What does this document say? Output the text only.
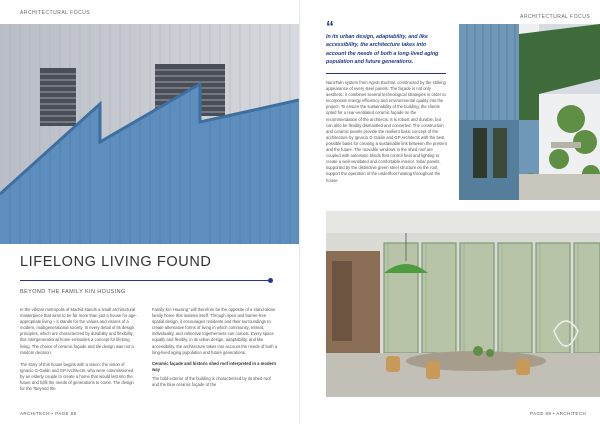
ARCHITECTURAL FOCUS
LIFELONG LIVING FOUND
BEYOND THE FAMILY KIN HOUSING
In the vibrant metropolis of Madrid stands a small architectural masterpiece that aims to be far more than just a house for age-appropriate living – it stands for the values and visions of a modern, multigenerational society. In every detail of its design principles, which are characterized by durability and flexibility, this intergenerational home embodies a concept for lifelong living. The choice of ceramic façade and tile design was not a random decision.
The story of this house begins with a vision: the vision of Ignacio G-Galán and GP Architects, who were commissioned by an elderly couple to create a home that would last into the future and fulfil the needs of generations to come. The design for the “Beyond the
Family Kin Housing” will therefore be the opposite of a stand-alone family home that isolates itself. Through open and barrier-free spatial design, it encourages residents and their surroundings to create alternative forms of living in which community, retreat, individuality, and collective togetherness can coexist. Every space equally and flexibly, in its urban design, adaptability, and like accessibility, the architecture takes into account the needs of both a long-lived aging population and future generations.
Ceramic façade and historic shed roof interpreted in a modern way
The bold exterior of the building is characterized by its shed roof and the blue ceramic façade of the
ARCHITECH • PAGE 88
ARCHITECTURAL FOCUS
“
In its urban design, adaptability, and like accessibility, the architecture takes into account the needs of both a long-lived aging population and future generations.
NaraTwin system from Agrob Buchtal, constructed by the striking appearance of every steel panels. The façade is not only aesthetic: it combines several technological strategies in order to incorporate energy efficiency and environmental quality into the project. To ensure the sustainability of the building, the clients opted for a rear-ventilated ceramic façade on the recommendation of the architects. It is robust and durable, but can also be flexibly dismantled and converted. The construction and ceramic panels provide the resilient basic concept of the architecture by Ignacio G-Galán and GP Architects with the best possible basis for creating a sustainable link between the present and the future. The movable windows in the shed roof are coupled with automatic blinds that control heat and lighting to create a well-ventilated and comfortable interior. Solar panels, supported by the distinctive green steel structure on the roof, support the operation of the underfloor heating throughout the house.
PAGE 89 • ARCHITECH
